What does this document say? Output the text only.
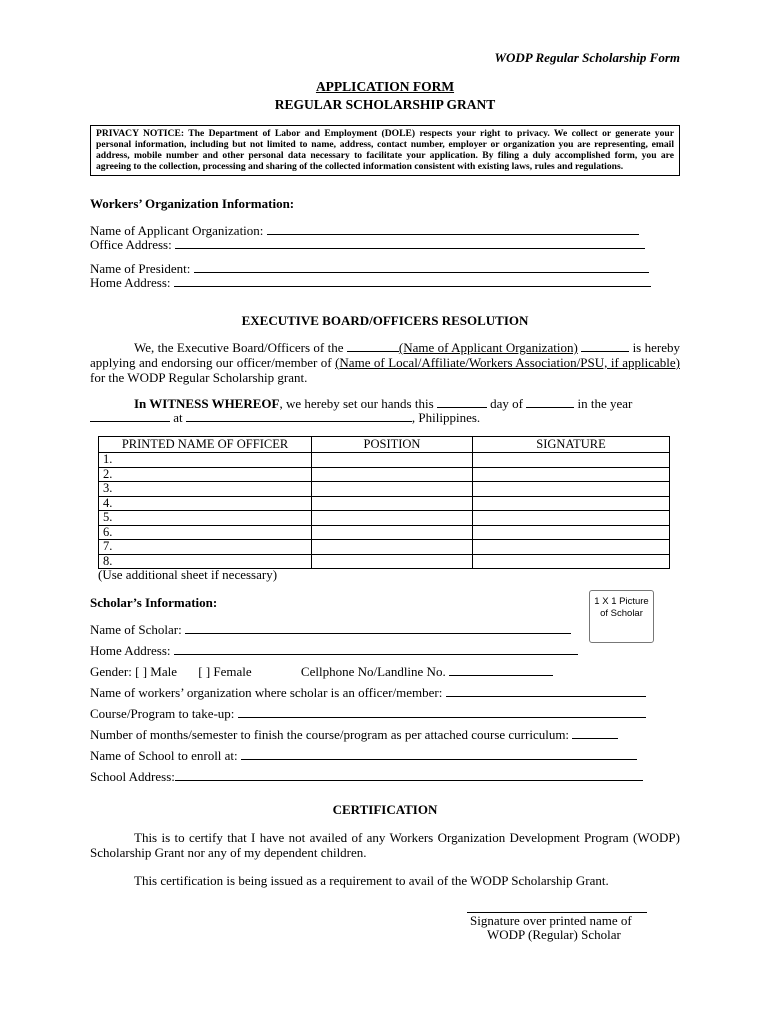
WODP Regular Scholarship Form
APPLICATION FORM
REGULAR SCHOLARSHIP GRANT
PRIVACY NOTICE: The Department of Labor and Employment (DOLE) respects your right to privacy. We collect or generate your personal information, including but not limited to name, address, contact number, employer or organization you are representing, email address, mobile number and other personal data necessary to facilitate your application. By filing a duly accomplished form, you are agreeing to the collection, processing and sharing of the collected information consistent with existing laws, rules and regulations.
Workers’ Organization Information:
Name of Applicant Organization:
Office Address:
Name of President:
Home Address:
EXECUTIVE BOARD/OFFICERS RESOLUTION
We, the Executive Board/Officers of the	(Name of Applicant Organization)	is hereby applying and endorsing our officer/member of (Name of Local/Affiliate/Workers Association/PSU, if applicable) for the WODP Regular Scholarship grant.
In WITNESS WHEREOF, we hereby set our hands this	day of	in the year
at	, Philippines.
PRINTED NAME OF OFFICER	POSITION	SIGNATURE
1.		
2.		
3.		
4.		
5.		
6.		
7.		
8.		
(Use additional sheet if necessary)
Scholar’s Information:	1 X 1 Picture of Scholar
Name of Scholar:
Home Address:
Gender: [ ] Male [ ] Female	Cellphone No/Landline No.
Name of workers’ organization where scholar is an officer/member:
Course/Program to take-up:
Number of months/semester to finish the course/program as per attached course curriculum:
Name of School to enroll at:
School Address:
CERTIFICATION
This is to certify that I have not availed of any Workers Organization Development Program (WODP) Scholarship Grant nor any of my dependent children.
This certification is being issued as a requirement to avail of the WODP Scholarship Grant.
Signature over printed name of
WODP (Regular) Scholar
